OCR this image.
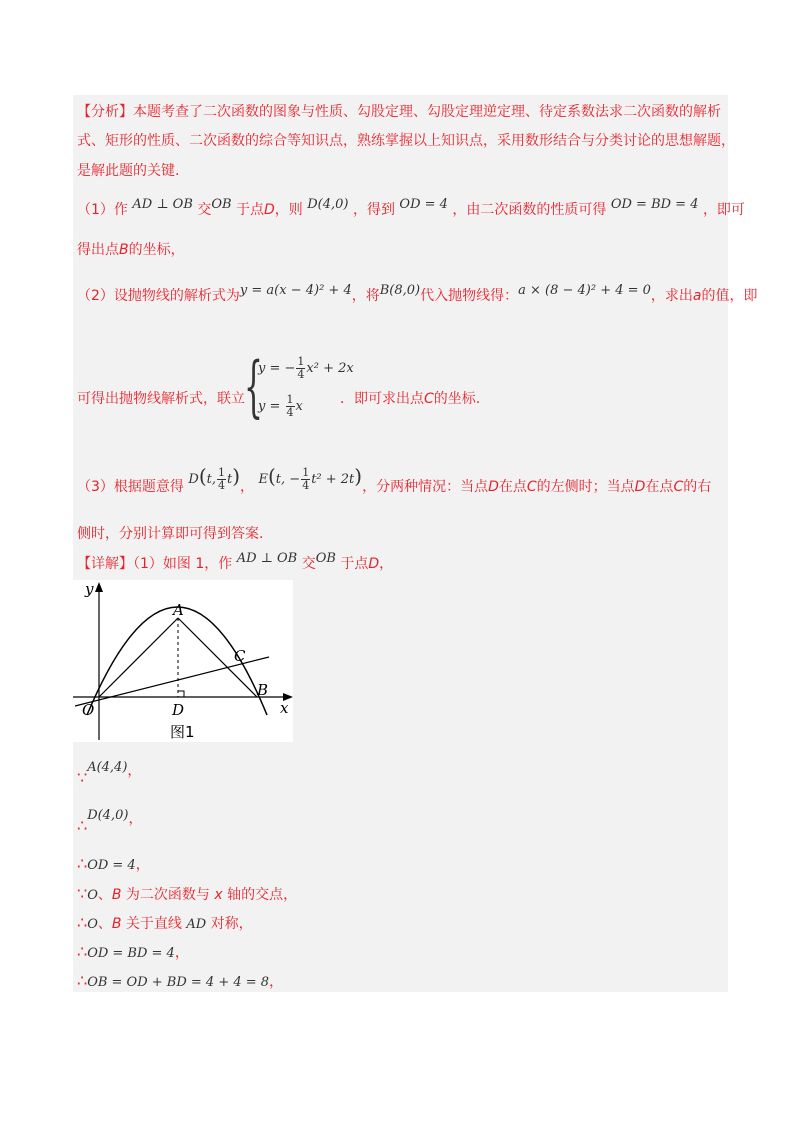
【分析】本题考查了二次函数的图象与性质、勾股定理、勾股定理逆定理、待定系数法求二次函数的解析
式、矩形的性质、二次函数的综合等知识点，熟练掌握以上知识点，采用数形结合与分类讨论的思想解题，
是解此题的关键.
（1）作 AD ⊥ OB 交OB 于点D，则 D(4,0) ，得到 OD = 4 ，由二次函数的性质可得 OD = BD = 4 ，即可
得出点B的坐标，
（2）设抛物线的解析式为y = a(x − 4)² + 4，将B(8,0)代入抛物线得：a × (8 − 4)² + 4 = 0，求出a的值，即
可得出抛物线解析式，联立 {
y = − $\frac{1}{4} x^2 + 2x$
$y = \frac{1}{4}$ x	．即可求出点C的坐标.
（3）根据题意得 D(t, $\frac{1}{4} t$)， E(t, − $\frac{1}{4} t^2 + 2t$)，分两种情况：当点D在点C的左侧时；当点D在点C的右
侧时，分别计算即可得到答案.
【详解】（1）如图 1，作 AD ⊥ OB 交OB 于点D，
y
x
A
C
B
O	D
图1
∵A(4,4)，
∴D(4,0)，
∴OD = 4，
∵O、B 为二次函数与 x 轴的交点，
∴O、B 关于直线 AD 对称，
∴OD = BD = 4，
∴OB = OD + BD = 4 + 4 = 8，
